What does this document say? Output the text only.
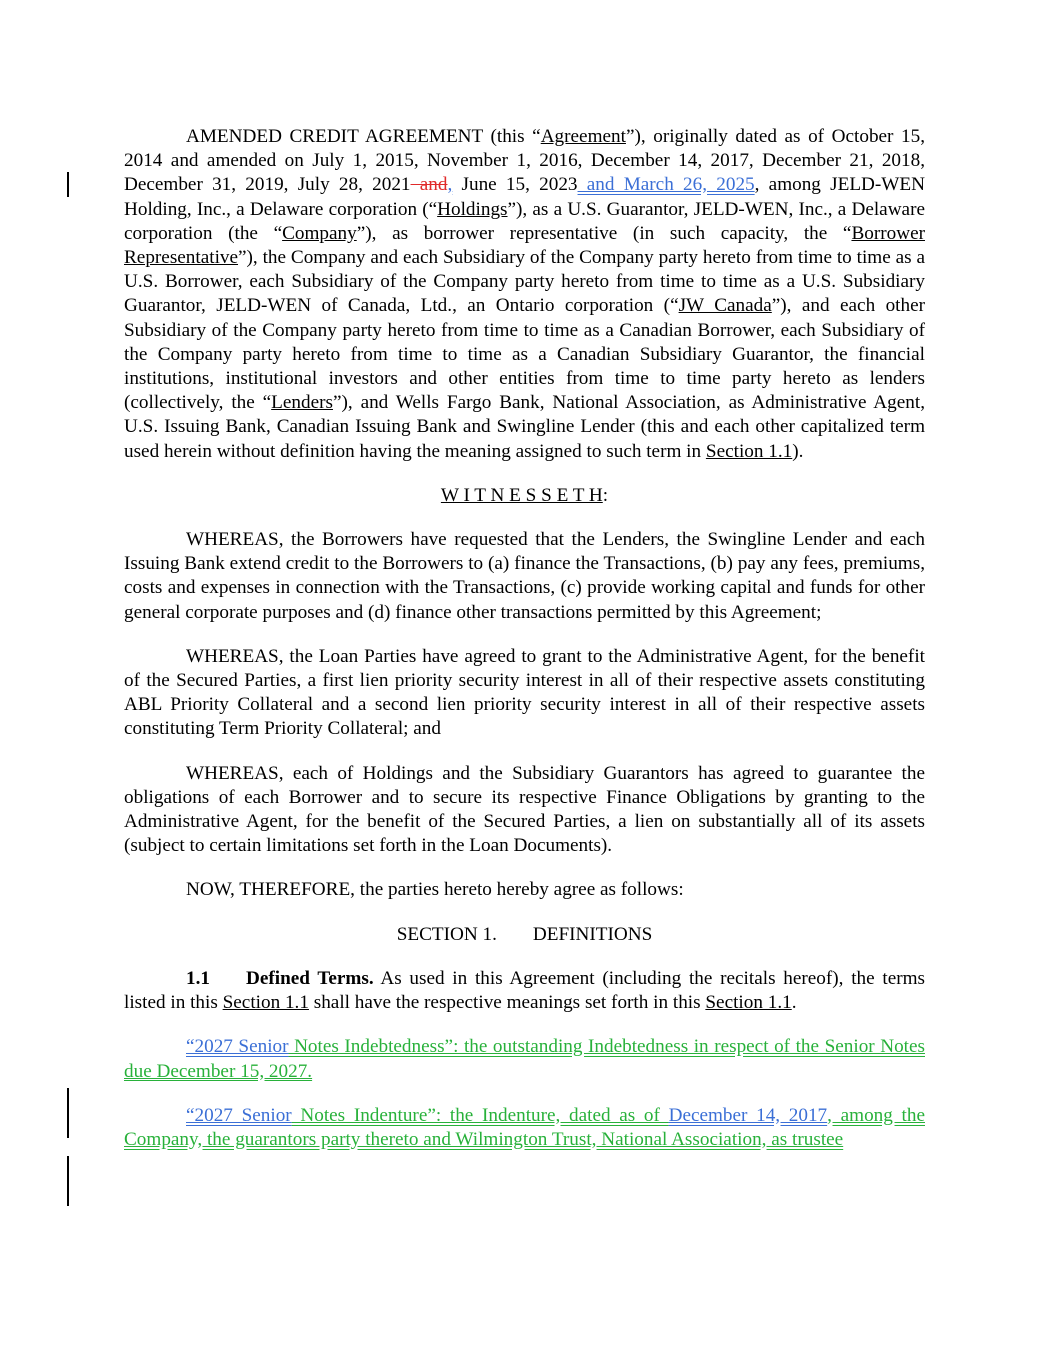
AMENDED CREDIT AGREEMENT (this “Agreement”), originally dated as of October 15, 2014 and amended on July 1, 2015, November 1, 2016, December 14, 2017, December 21, 2018, December 31, 2019, July 28, 2021 and, June 15, 2023 and March 26, 2025, among JELD-WEN Holding, Inc., a Delaware corporation (“Holdings”), as a U.S. Guarantor, JELD-WEN, Inc., a Delaware corporation (the “Company”), as borrower representative (in such capacity, the “Borrower Representative”), the Company and each Subsidiary of the Company party hereto from time to time as a U.S. Borrower, each Subsidiary of the Company party hereto from time to time as a U.S. Subsidiary Guarantor, JELD-WEN of Canada, Ltd., an Ontario corporation (“JW Canada”), and each other Subsidiary of the Company party hereto from time to time as a Canadian Borrower, each Subsidiary of the Company party hereto from time to time as a Canadian Subsidiary Guarantor, the financial institutions, institutional investors and other entities from time to time party hereto as lenders (collectively, the “Lenders”), and Wells Fargo Bank, National Association, as Administrative Agent, U.S. Issuing Bank, Canadian Issuing Bank and Swingline Lender (this and each other capitalized term used herein without definition having the meaning assigned to such term in Section 1.1).

W I T N E S S E T H:

WHEREAS, the Borrowers have requested that the Lenders, the Swingline Lender and each Issuing Bank extend credit to the Borrowers to (a) finance the Transactions, (b) pay any fees, premiums, costs and expenses in connection with the Transactions, (c) provide working capital and funds for other general corporate purposes and (d) finance other transactions permitted by this Agreement;

WHEREAS, the Loan Parties have agreed to grant to the Administrative Agent, for the benefit of the Secured Parties, a first lien priority security interest in all of their respective assets constituting ABL Priority Collateral and a second lien priority security interest in all of their respective assets constituting Term Priority Collateral; and

WHEREAS, each of Holdings and the Subsidiary Guarantors has agreed to guarantee the obligations of each Borrower and to secure its respective Finance Obligations by granting to the Administrative Agent, for the benefit of the Secured Parties, a lien on substantially all of its assets (subject to certain limitations set forth in the Loan Documents).

NOW, THEREFORE, the parties hereto hereby agree as follows:

SECTION 1. DEFINITIONS

1.1 Defined Terms. As used in this Agreement (including the recitals hereof), the terms listed in this Section 1.1 shall have the respective meanings set forth in this Section 1.1.

“2027 Senior Notes Indebtedness”: the outstanding Indebtedness in respect of the Senior Notes due December 15, 2027.

“2027 Senior Notes Indenture”: the Indenture, dated as of December 14, 2017, among the Company, the guarantors party thereto and Wilmington Trust, National Association, as trustee
